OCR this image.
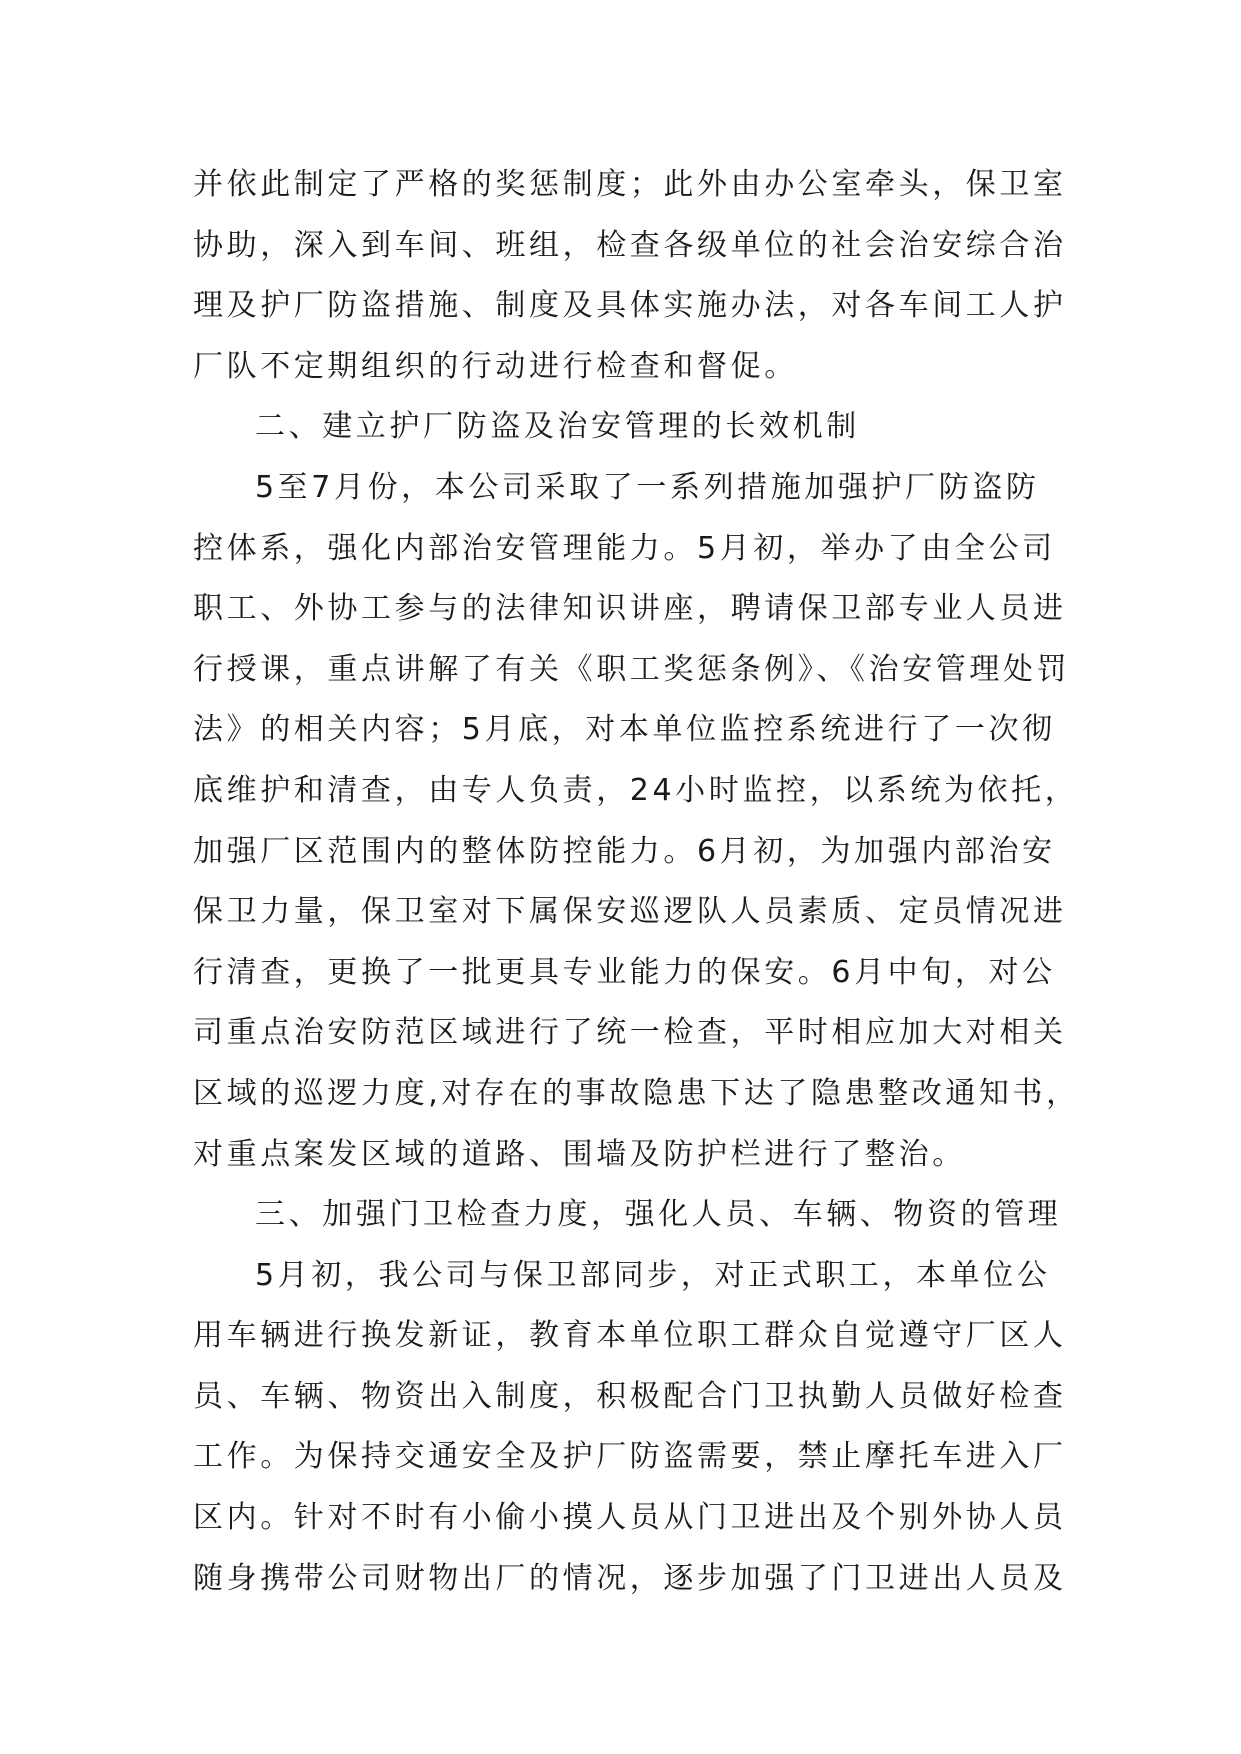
并依此制定了严格的奖惩制度；此外由办公室牵头，保卫室
协助，深入到车间、班组，检查各级单位的社会治安综合治
理及护厂防盗措施、制度及具体实施办法，对各车间工人护
厂队不定期组织的行动进行检查和督促。
二、建立护厂防盗及治安管理的长效机制
5至7月份，本公司采取了一系列措施加强护厂防盗防
控体系，强化内部治安管理能力。5月初，举办了由全公司
职工、外协工参与的法律知识讲座，聘请保卫部专业人员进
行授课，重点讲解了有关《职工奖惩条例》、《治安管理处罚
法》的相关内容；5月底，对本单位监控系统进行了一次彻
底维护和清查，由专人负责，24小时监控，以系统为依托，
加强厂区范围内的整体防控能力。6月初，为加强内部治安
保卫力量，保卫室对下属保安巡逻队人员素质、定员情况进
行清查，更换了一批更具专业能力的保安。6月中旬，对公
司重点治安防范区域进行了统一检查，平时相应加大对相关
区域的巡逻力度,对存在的事故隐患下达了隐患整改通知书，
对重点案发区域的道路、围墙及防护栏进行了整治。
三、加强门卫检查力度，强化人员、车辆、物资的管理
5月初，我公司与保卫部同步，对正式职工，本单位公
用车辆进行换发新证，教育本单位职工群众自觉遵守厂区人
员、车辆、物资出入制度，积极配合门卫执勤人员做好检查
工作。为保持交通安全及护厂防盗需要，禁止摩托车进入厂
区内。针对不时有小偷小摸人员从门卫进出及个别外协人员
随身携带公司财物出厂的情况，逐步加强了门卫进出人员及
